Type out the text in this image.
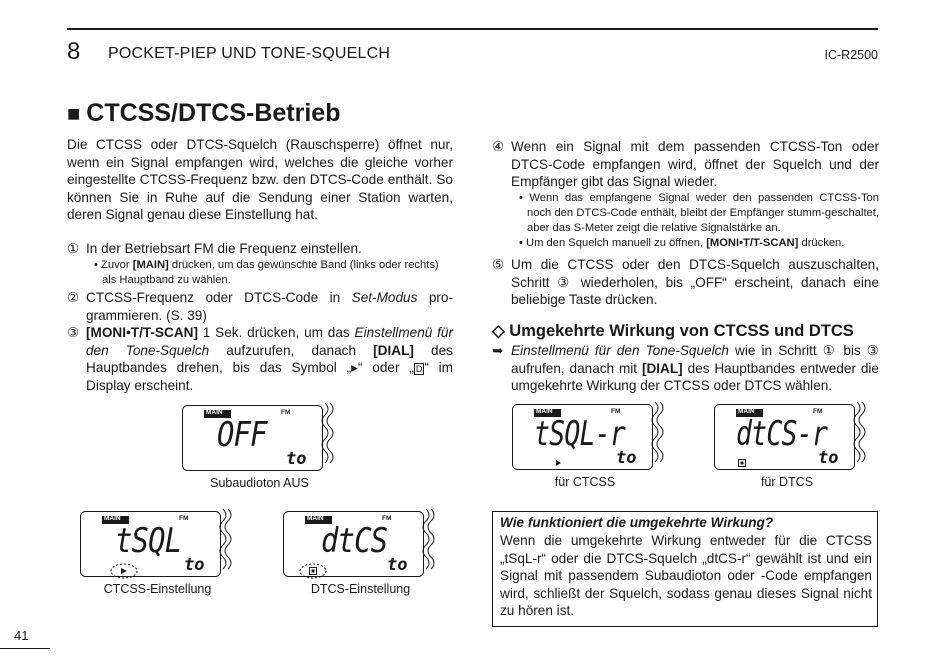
8 POCKET-PIEP UND TONE-SQUELCH	IC-R2500
■ CTCSS/DTCS-Betrieb
Die CTCSS oder DTCS-Squelch (Rauschsperre) öffnet nur, wenn ein Signal empfangen wird, welches die gleiche vorher eingestellte CTCSS-Frequenz bzw. den DTCS-Code enthält. So können Sie in Ruhe auf die Sendung einer Station warten, deren Signal genau diese Einstellung hat.
① In der Betriebsart FM die Frequenz einstellen.
• Zuvor [MAIN] drücken, um das gewünschte Band (links oder rechts) als Hauptband zu wählen.
② CTCSS-Frequenz oder DTCS-Code in Set-Modus pro-grammieren. (S. 39)
③ [MONI•T/T-SCAN] 1 Sek. drücken, um das Einstellmenü für den Tone-Squelch aufzurufen, danach [DIAL] des Hauptbandes drehen, bis das Symbol „▸“ oder „ D “ im Display erscheint.
④ Wenn ein Signal mit dem passenden CTCSS-Ton oder DTCS-Code empfangen wird, öffnet der Squelch und der Empfänger gibt das Signal wieder.
• Wenn das empfangene Signal weder den passenden CTCSS-Ton noch den DTCS-Code enthält, bleibt der Empfänger stumm-geschaltet, aber das S-Meter zeigt die relative Signalstärke an.
• Um den Squelch manuell zu öffnen, [MONI•T/T-SCAN] drücken.
⑤ Um die CTCSS oder den DTCS-Squelch auszuschalten, Schritt ③ wiederholen, bis „OFF“ erscheint, danach eine beliebige Taste drücken.
◇ Umgekehrte Wirkung von CTCSS und DTCS
➥ Einstellmenü für den Tone-Squelch wie in Schritt ① bis ③ aufrufen, danach mit [DIAL] des Hauptbandes entweder die umgekehrte Wirkung der CTCSS oder DTCS wählen.
MAIN	FM
OFF
to
Subaudioton AUS
MAIN	FM
tSQL
to
CTCSS-Einstellung
MAIN	FM
dtCS
to
DTCS-Einstellung
MAIN	FM
tSQL-r
to
für CTCSS
MAIN	FM
dtCS-r
to
für DTCS
Wie funktioniert die umgekehrte Wirkung?
Wenn die umgekehrte Wirkung entweder für die CTCSS „tSqL-r“ oder die DTCS-Squelch „dtCS-r“ gewählt ist und ein Signal mit passendem Subaudioton oder -Code empfangen wird, schließt der Squelch, sodass genau dieses Signal nicht zu hören ist.
41
